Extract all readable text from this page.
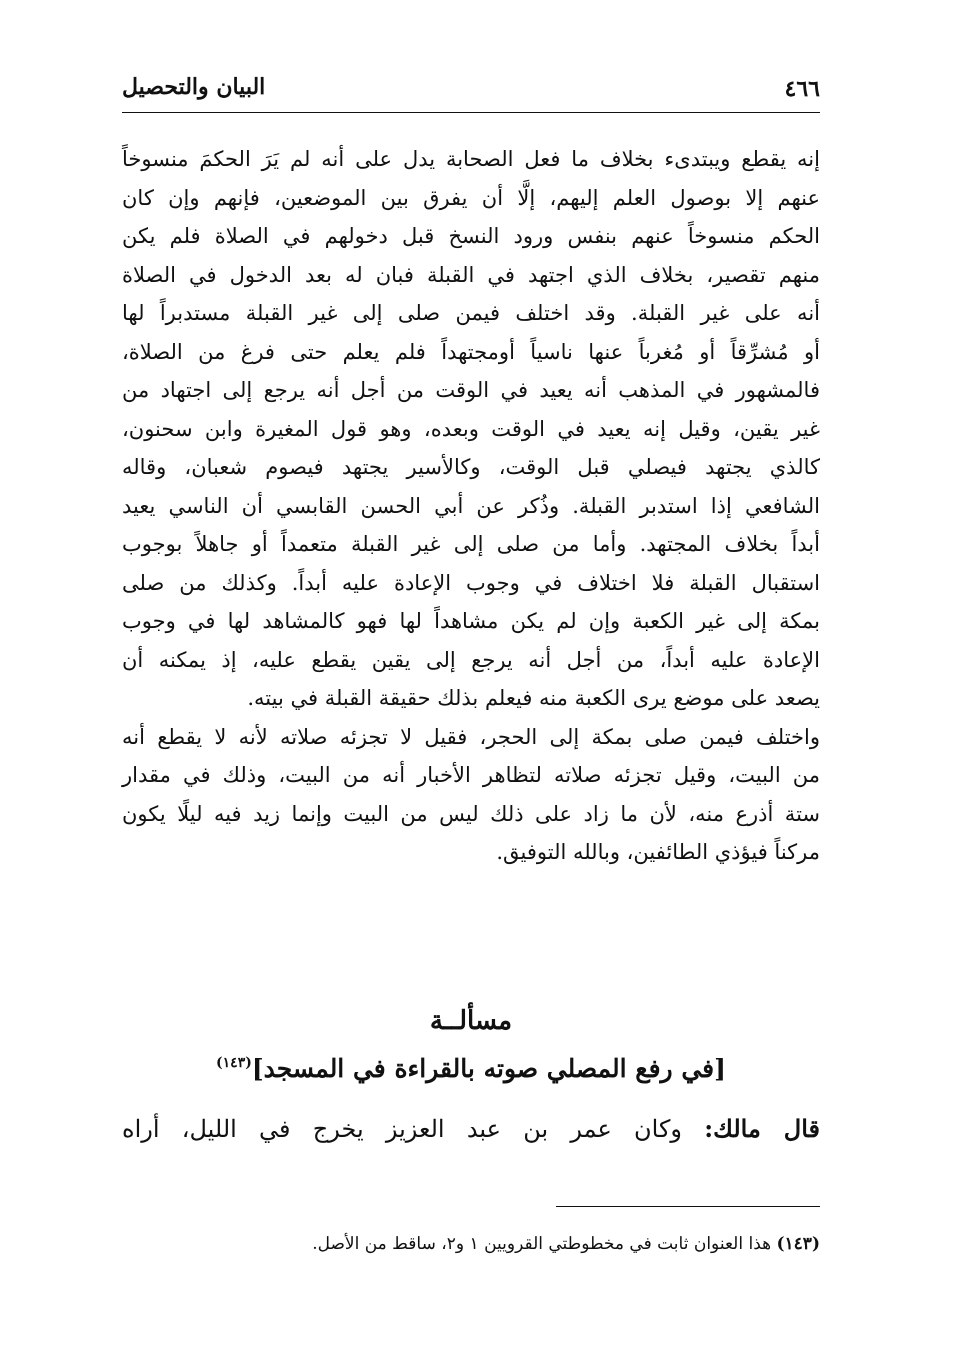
٤٦٦
البيان والتحصيل
إنه يقطع ويبتدىء بخلاف ما فعل الصحابة يدل على أنه لم يَرَ الحكمَ منسوخاً
عنهم إلا بوصول العلم إليهم، إلَّا أن يفرق بين الموضعين، فإنهم وإن كان
الحكم منسوخاً عنهم بنفس ورود النسخ قبل دخولهم في الصلاة فلم يكن
منهم تقصير، بخلاف الذي اجتهد في القبلة فبان له بعد الدخول في الصلاة
أنه على غير القبلة. وقد اختلف فيمن صلى إلى غير القبلة مستدبراً لها
أو مُشرِّقاً أو مُغرباً عنها ناسياً أومجتهداً فلم يعلم حتى فرغ من الصلاة،
فالمشهور في المذهب أنه يعيد في الوقت من أجل أنه يرجع إلى اجتهاد من
غير يقين، وقيل إنه يعيد في الوقت وبعده، وهو قول المغيرة وابن سحنون،
كالذي يجتهد فيصلي قبل الوقت، وكالأسير يجتهد فيصوم شعبان، وقاله
الشافعي إذا استدبر القبلة. وذُكر عن أبي الحسن القابسي أن الناسي يعيد
أبداً بخلاف المجتهد. وأما من صلى إلى غير القبلة متعمداً أو جاهلاً بوجوب
استقبال القبلة فلا اختلاف في وجوب الإعادة عليه أبداً. وكذلك من صلى
بمكة إلى غير الكعبة وإن لم يكن مشاهداً لها فهو كالمشاهد لها في وجوب
الإعادة عليه أبداً، من أجل أنه يرجع إلى يقين يقطع عليه، إذ يمكنه أن
يصعد على موضع يرى الكعبة منه فيعلم بذلك حقيقة القبلة في بيته.
واختلف فيمن صلى بمكة إلى الحجر، فقيل لا تجزئه صلاته لأنه لا يقطع أنه
من البيت، وقيل تجزئه صلاته لتظاهر الأخبار أنه من البيت، وذلك في مقدار
ستة أذرع منه، لأن ما زاد على ذلك ليس من البيت وإنما زيد فيه ليلًا يكون
مركناً فيؤذي الطائفين، وبالله التوفيق.
مسألــة
[في رفع المصلي صوته بالقراءة في المسجد]$^{(١٤٣)}$
قال مالك: وكان عمر بن عبد العزيز يخرج في الليل، أراه
(١٤٣) هذا العنوان ثابت في مخطوطتي القرويين ١ و٢، ساقط من الأصل.
